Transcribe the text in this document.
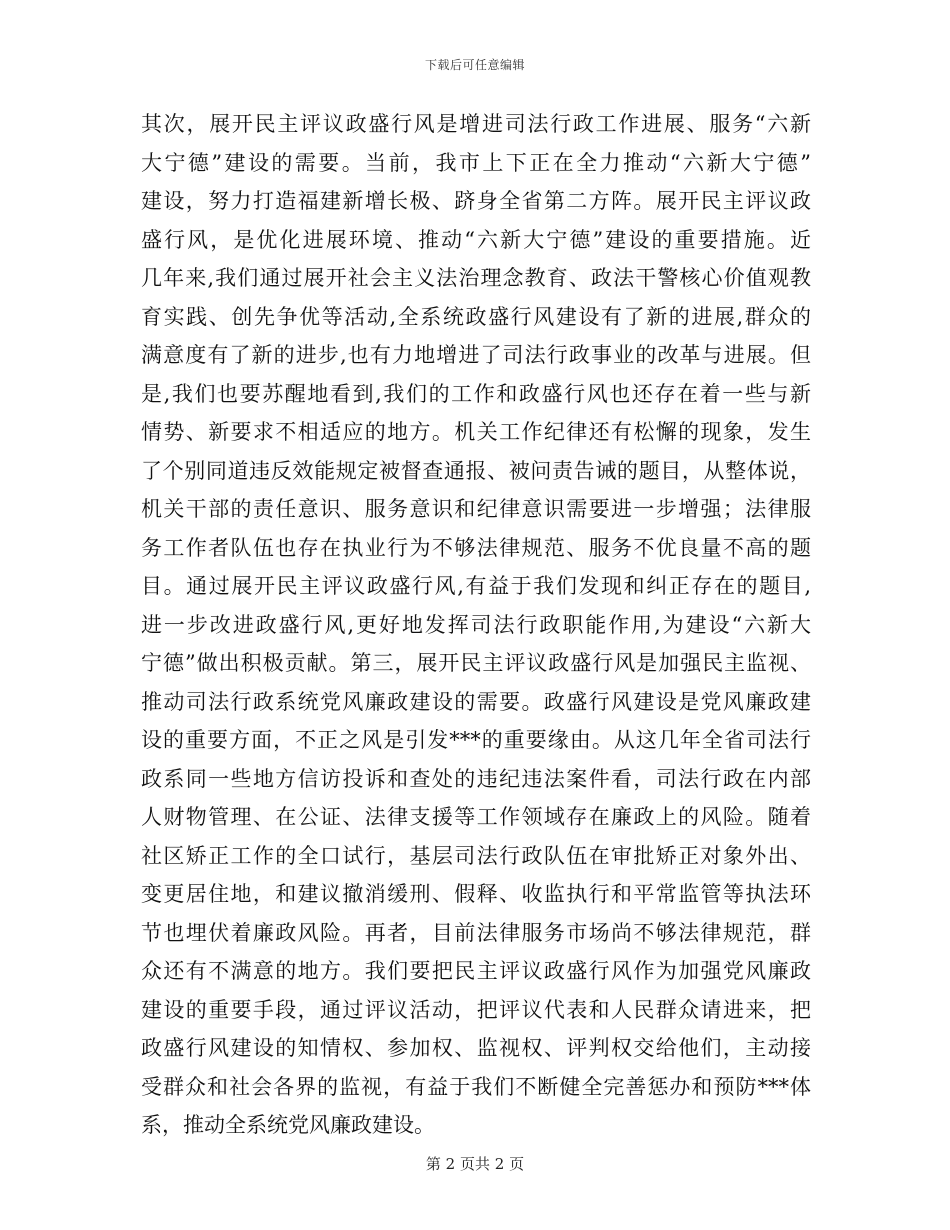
下载后可任意编辑
其次，展开民主评议政盛行风是增进司法行政工作进展、服务“六新
大宁德”建设的需要。当前，我市上下正在全力推动“六新大宁德”
建设，努力打造福建新增长极、跻身全省第二方阵。展开民主评议政
盛行风，是优化进展环境、推动“六新大宁德”建设的重要措施。近
几年来,我们通过展开社会主义法治理念教育、政法干警核心价值观教
育实践、创先争优等活动,全系统政盛行风建设有了新的进展,群众的
满意度有了新的进步,也有力地增进了司法行政事业的改革与进展。但
是,我们也要苏醒地看到,我们的工作和政盛行风也还存在着一些与新
情势、新要求不相适应的地方。机关工作纪律还有松懈的现象，发生
了个别同道违反效能规定被督查通报、被问责告诫的题目，从整体说，
机关干部的责任意识、服务意识和纪律意识需要进一步增强；法律服
务工作者队伍也存在执业行为不够法律规范、服务不优良量不高的题
目。通过展开民主评议政盛行风,有益于我们发现和纠正存在的题目,
进一步改进政盛行风,更好地发挥司法行政职能作用,为建设“六新大
宁德”做出积极贡献。第三，展开民主评议政盛行风是加强民主监视、
推动司法行政系统党风廉政建设的需要。政盛行风建设是党风廉政建
设的重要方面，不正之风是引发***的重要缘由。从这几年全省司法行
政系同一些地方信访投诉和查处的违纪违法案件看，司法行政在内部
人财物管理、在公证、法律支援等工作领域存在廉政上的风险。随着
社区矫正工作的全口试行，基层司法行政队伍在审批矫正对象外出、
变更居住地，和建议撤消缓刑、假释、收监执行和平常监管等执法环
节也埋伏着廉政风险。再者，目前法律服务市场尚不够法律规范，群
众还有不满意的地方。我们要把民主评议政盛行风作为加强党风廉政
建设的重要手段，通过评议活动，把评议代表和人民群众请进来，把
政盛行风建设的知情权、参加权、监视权、评判权交给他们，主动接
受群众和社会各界的监视，有益于我们不断健全完善惩办和预防***体
系，推动全系统党风廉政建设。
第 2 页共 2 页
